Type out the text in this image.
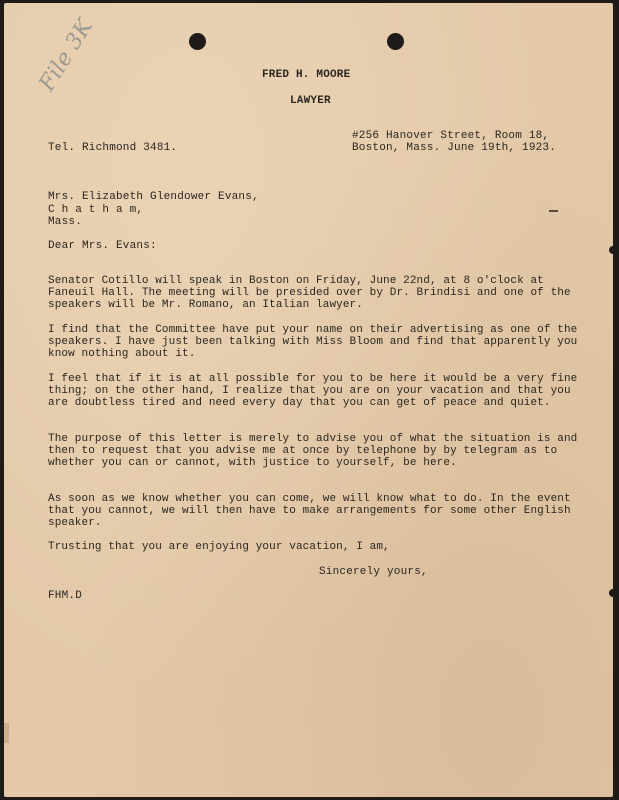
File 3K	FRED H. MOORE

LAWYER

Tel. Richmond 3481.

#256 Hanover Street, Room 18,

Boston, Mass. June 19th, 1923.

Mrs. Elizabeth Glendower Evans,

C h a t h a m,

Mass.

Dear Mrs. Evans:

Senator Cotillo will speak in Boston on Friday, June 22nd, at 8 o'clock at Faneuil Hall. The meeting will be presided over by Dr. Brindisi and one of the speakers will be Mr. Romano, an Italian lawyer.

I find that the Committee have put your name on their advertising as one of the speakers. I have just been talking with Miss Bloom and find that apparently you know nothing about it.

I feel that if it is at all possible for you to be here it would be a very fine thing; on the other hand, I realize that you are on your vacation and that you are doubtless tired and need every day that you can get of peace and quiet.

The purpose of this letter is merely to advise you of what the situation is and then to request that you advise me at once by telephone by by telegram as to whether you can or cannot, with justice to yourself, be here.

As soon as we know whether you can come, we will know what to do. In the event that you cannot, we will then have to make arrangements for some other English speaker.

Trusting that you are enjoying your vacation, I am,

Sincerely yours,

FHM.D
